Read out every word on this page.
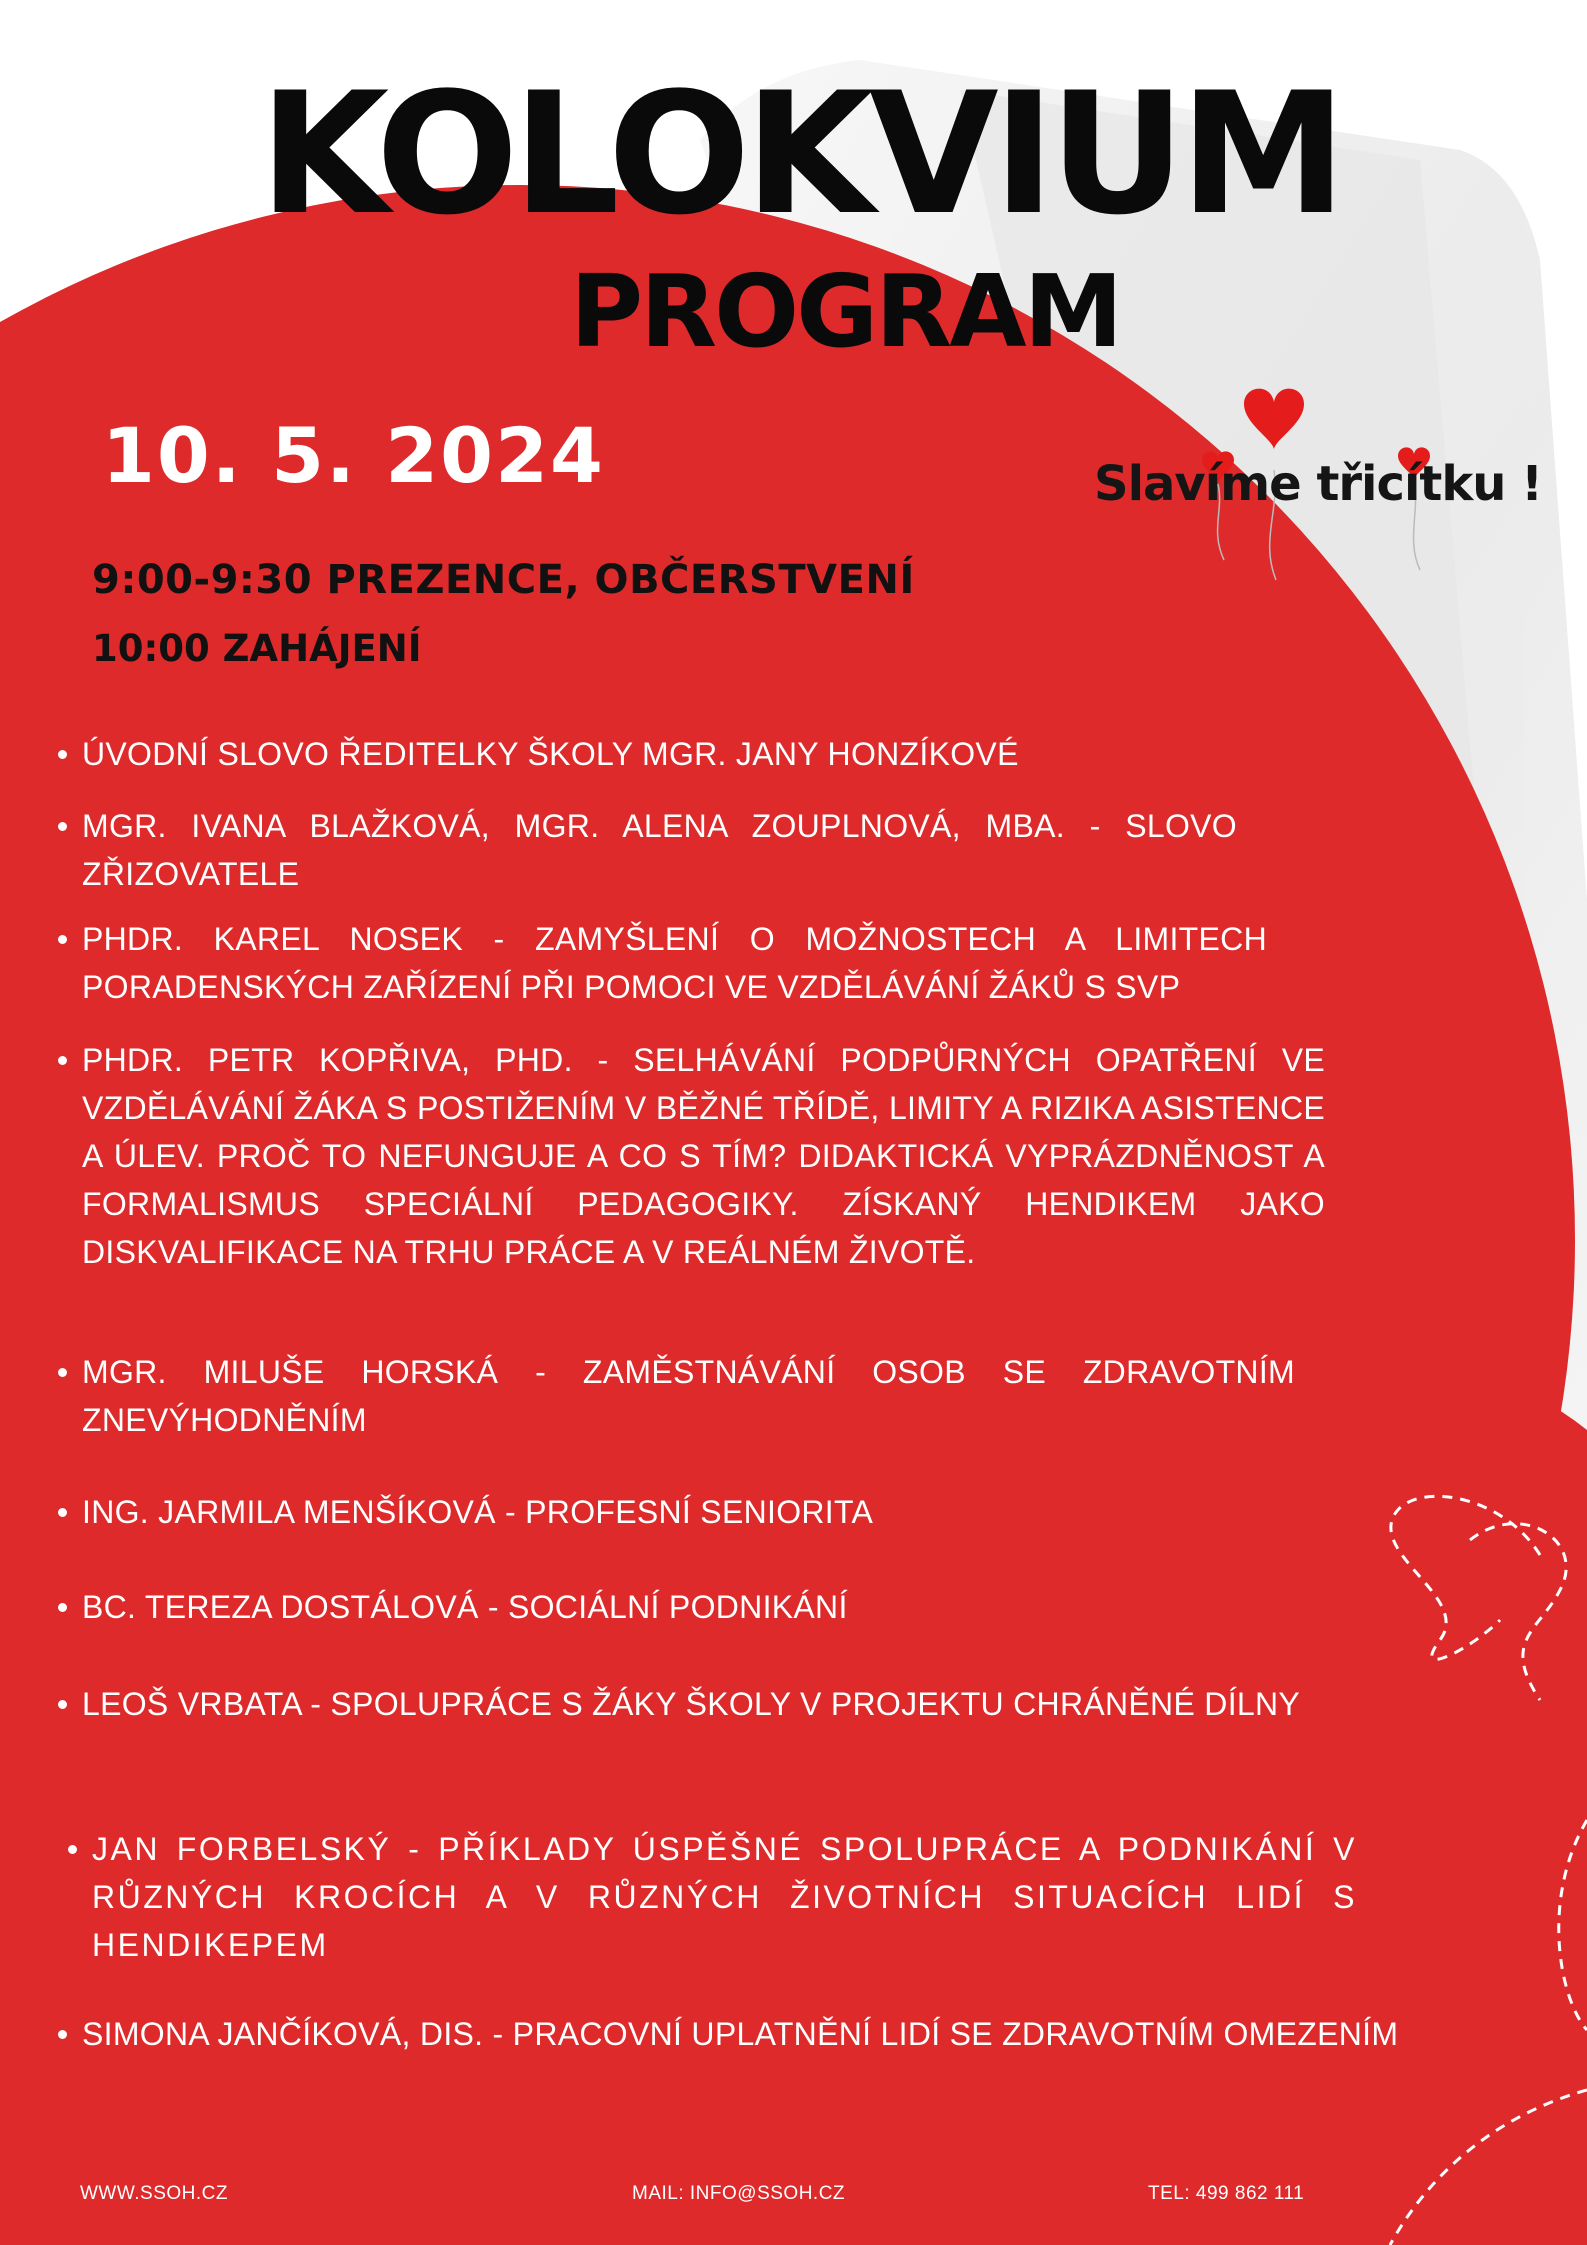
KOLOKVIUM
PROGRAM
10. 5. 2024	Slavíme třicítku !
9:00-9:30 PREZENCE, OBČERSTVENÍ
10:00 ZAHÁJENÍ
ÚVODNÍ SLOVO ŘEDITELKY ŠKOLY MGR. JANY HONZÍKOVÉ
MGR. IVANA BLAŽKOVÁ, MGR. ALENA ZOUPLNOVÁ, MBA. - SLOVO ZŘIZOVATELE
PHDR. KAREL NOSEK - ZAMYŠLENÍ O MOŽNOSTECH A LIMITECH PORADENSKÝCH ZAŘÍZENÍ PŘI POMOCI VE VZDĚLÁVÁNÍ ŽÁKŮ S SVP
PHDR. PETR KOPŘIVA, PHD. - SELHÁVÁNÍ PODPŮRNÝCH OPATŘENÍ VE VZDĚLÁVÁNÍ ŽÁKA S POSTIŽENÍM V BĚŽNÉ TŘÍDĚ, LIMITY A RIZIKA ASISTENCE A ÚLEV. PROČ TO NEFUNGUJE A CO S TÍM? DIDAKTICKÁ VYPRÁZDNĚNOST A FORMALISMUS SPECIÁLNÍ PEDAGOGIKY. ZÍSKANÝ HENDIKEM JAKO DISKVALIFIKACE NA TRHU PRÁCE A V REÁLNÉM ŽIVOTĚ.
MGR. MILUŠE HORSKÁ - ZAMĚSTNÁVÁNÍ OSOB SE ZDRAVOTNÍM ZNEVÝHODNĚNÍM
ING. JARMILA MENŠÍKOVÁ - PROFESNÍ SENIORITA
BC. TEREZA DOSTÁLOVÁ - SOCIÁLNÍ PODNIKÁNÍ
LEOŠ VRBATA - SPOLUPRÁCE S ŽÁKY ŠKOLY V PROJEKTU CHRÁNĚNÉ DÍLNY
JAN FORBELSKÝ - PŘÍKLADY ÚSPĚŠNÉ SPOLUPRÁCE A PODNIKÁNÍ V RŮZNÝCH KROCÍCH A V RŮZNÝCH ŽIVOTNÍCH SITUACÍCH LIDÍ S HENDIKEPEM
SIMONA JANČÍKOVÁ, DIS. - PRACOVNÍ UPLATNĚNÍ LIDÍ SE ZDRAVOTNÍM OMEZENÍM
WWW.SSOH.CZ	MAIL: INFO@SSOH.CZ	TEL: 499 862 111
